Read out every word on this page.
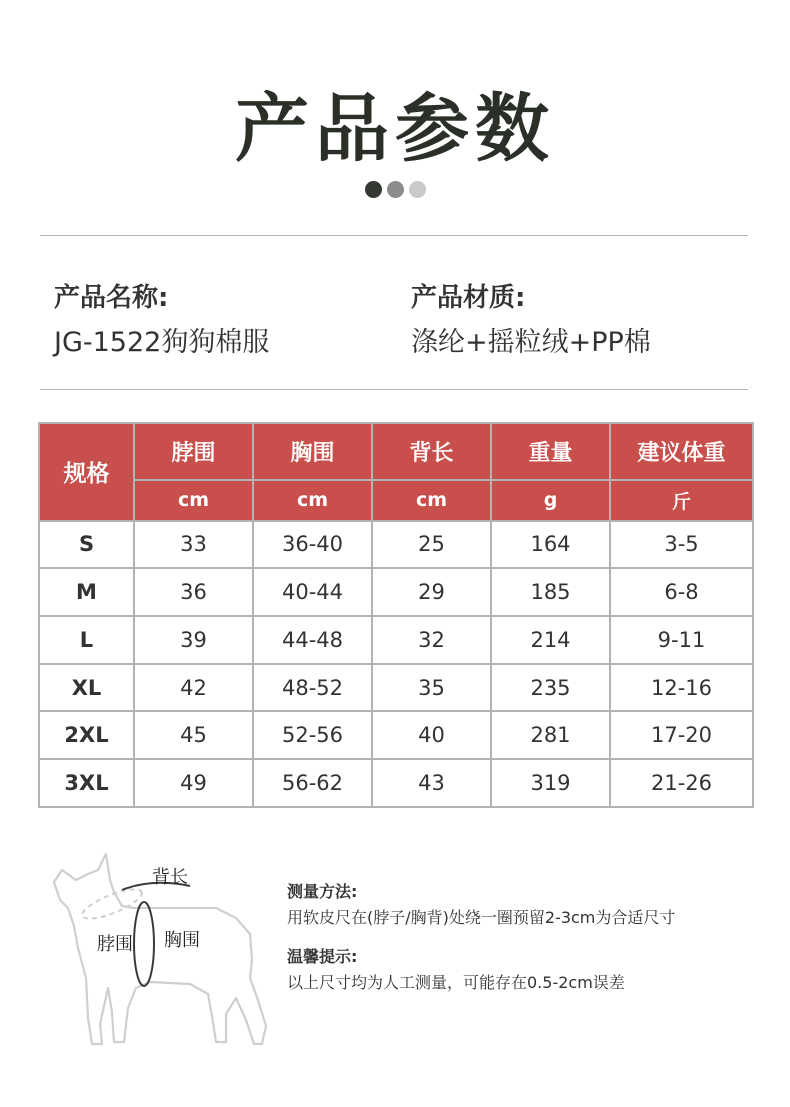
产品参数
产品名称:
JG-1522狗狗棉服
产品材质:
涤纶+摇粒绒+PP棉
规格	脖围	胸围	背长	重量	建议体重
	cm	cm	cm	g	斤
S	33	36-40	25	164	3-5
M	36	40-44	29	185	6-8
L	39	44-48	32	214	9-11
XL	42	48-52	35	235	12-16
2XL	45	52-56	40	281	17-20
3XL	49	56-62	43	319	21-26
背长
脖围 胸围
测量方法:
用软皮尺在(脖子/胸背)处绕一圈预留2-3cm为合适尺寸
温馨提示:
以上尺寸均为人工测量，可能存在0.5-2cm误差
